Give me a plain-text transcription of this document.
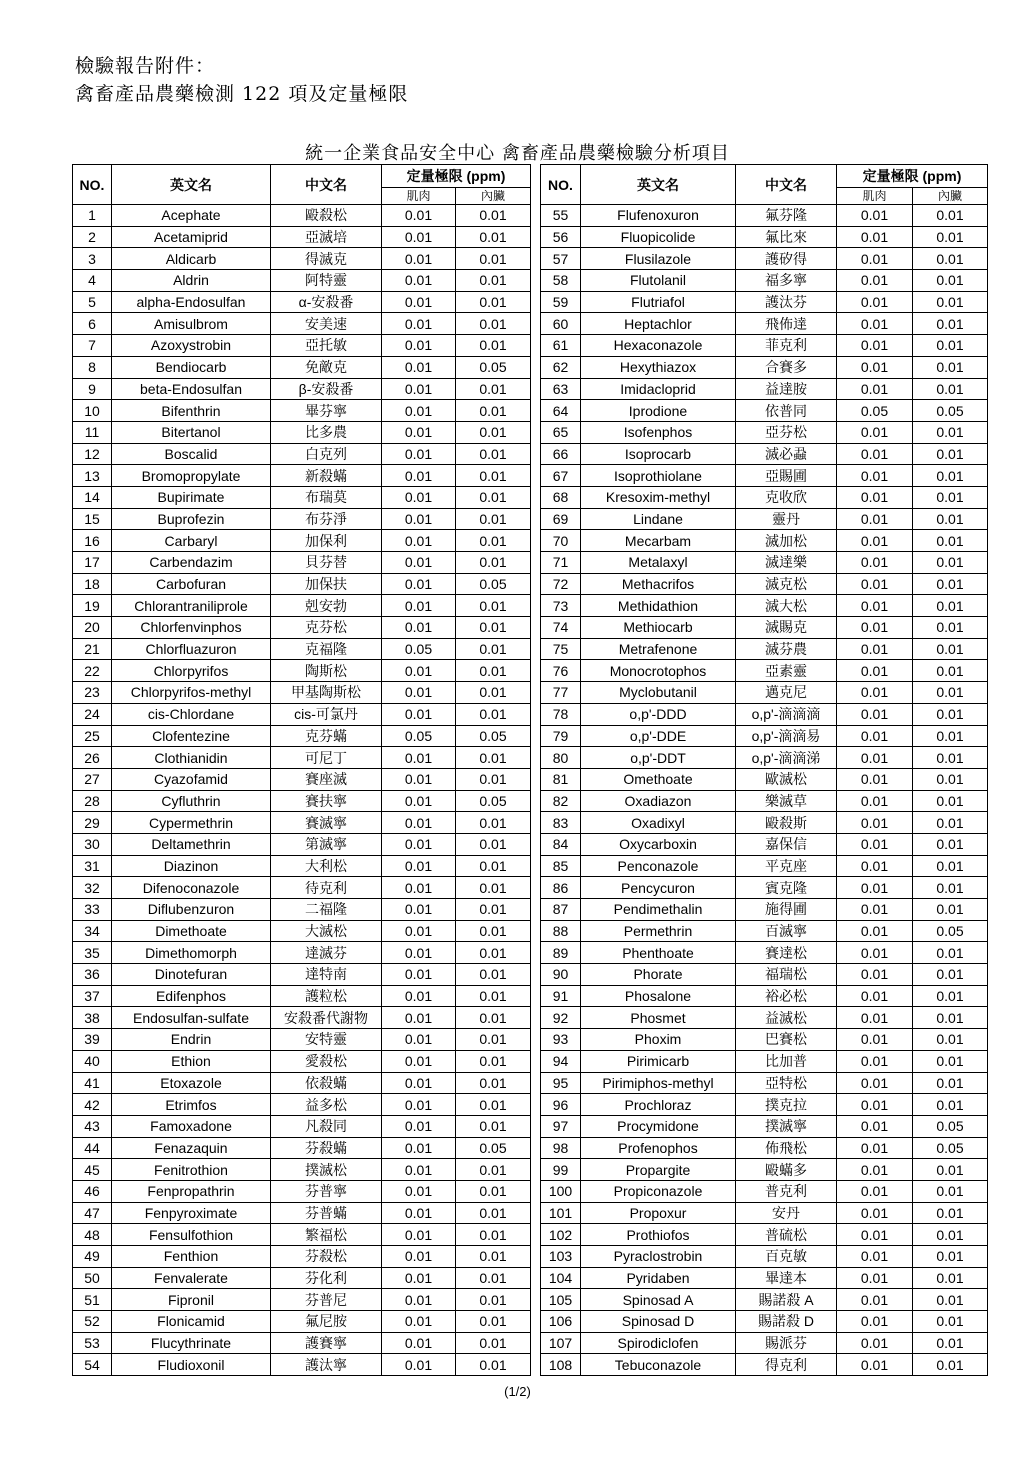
檢驗報告附件：
禽畜產品農藥檢測 122 項及定量極限
統一企業食品安全中心 禽畜產品農藥檢驗分析項目
NO.	英文名	中文名	定量極限 (ppm)	
			肌肉	內臟
1	Acephate	毆殺松	0.01	0.01
2	Acetamiprid	亞滅培	0.01	0.01
3	Aldicarb	得滅克	0.01	0.01
4	Aldrin	阿特靈	0.01	0.01
5	alpha-Endosulfan	α-安殺番	0.01	0.01
6	Amisulbrom	安美速	0.01	0.01
7	Azoxystrobin	亞托敏	0.01	0.01
8	Bendiocarb	免敵克	0.01	0.05
9	beta-Endosulfan	β-安殺番	0.01	0.01
10	Bifenthrin	畢芬寧	0.01	0.01
11	Bitertanol	比多農	0.01	0.01
12	Boscalid	白克列	0.01	0.01
13	Bromopropylate	新殺蟎	0.01	0.01
14	Bupirimate	布瑞莫	0.01	0.01
15	Buprofezin	布芬淨	0.01	0.01
16	Carbaryl	加保利	0.01	0.01
17	Carbendazim	貝芬替	0.01	0.01
18	Carbofuran	加保扶	0.01	0.05
19	Chlorantraniliprole	剋安勃	0.01	0.01
20	Chlorfenvinphos	克芬松	0.01	0.01
21	Chlorfluazuron	克福隆	0.05	0.01
22	Chlorpyrifos	陶斯松	0.01	0.01
23	Chlorpyrifos-methyl	甲基陶斯松	0.01	0.01
24	cis-Chlordane	cis-可氯丹	0.01	0.01
25	Clofentezine	克芬蟎	0.05	0.05
26	Clothianidin	可尼丁	0.01	0.01
27	Cyazofamid	賽座滅	0.01	0.01
28	Cyfluthrin	賽扶寧	0.01	0.05
29	Cypermethrin	賽滅寧	0.01	0.01
30	Deltamethrin	第滅寧	0.01	0.01
31	Diazinon	大利松	0.01	0.01
32	Difenoconazole	待克利	0.01	0.01
33	Diflubenzuron	二福隆	0.01	0.01
34	Dimethoate	大滅松	0.01	0.01
35	Dimethomorph	達滅芬	0.01	0.01
36	Dinotefuran	達特南	0.01	0.01
37	Edifenphos	護粒松	0.01	0.01
38	Endosulfan-sulfate	安殺番代謝物	0.01	0.01
39	Endrin	安特靈	0.01	0.01
40	Ethion	愛殺松	0.01	0.01
41	Etoxazole	依殺蟎	0.01	0.01
42	Etrimfos	益多松	0.01	0.01
43	Famoxadone	凡殺同	0.01	0.01
44	Fenazaquin	芬殺蟎	0.01	0.05
45	Fenitrothion	撲滅松	0.01	0.01
46	Fenpropathrin	芬普寧	0.01	0.01
47	Fenpyroximate	芬普蟎	0.01	0.01
48	Fensulfothion	繁福松	0.01	0.01
49	Fenthion	芬殺松	0.01	0.01
50	Fenvalerate	芬化利	0.01	0.01
51	Fipronil	芬普尼	0.01	0.01
52	Flonicamid	氟尼胺	0.01	0.01
53	Flucythrinate	護賽寧	0.01	0.01
54	Fludioxonil	護汰寧	0.01	0.01
NO.	英文名	中文名	定量極限 (ppm)	
			肌肉	內臟
55	Flufenoxuron	氟芬隆	0.01	0.01
56	Fluopicolide	氟比來	0.01	0.01
57	Flusilazole	護矽得	0.01	0.01
58	Flutolanil	福多寧	0.01	0.01
59	Flutriafol	護汰芬	0.01	0.01
60	Heptachlor	飛佈達	0.01	0.01
61	Hexaconazole	菲克利	0.01	0.01
62	Hexythiazox	合賽多	0.01	0.01
63	Imidacloprid	益達胺	0.01	0.01
64	Iprodione	依普同	0.05	0.05
65	Isofenphos	亞芬松	0.01	0.01
66	Isoprocarb	滅必蝨	0.01	0.01
67	Isoprothiolane	亞賜圃	0.01	0.01
68	Kresoxim-methyl	克收欣	0.01	0.01
69	Lindane	靈丹	0.01	0.01
70	Mecarbam	滅加松	0.01	0.01
71	Metalaxyl	滅達樂	0.01	0.01
72	Methacrifos	滅克松	0.01	0.01
73	Methidathion	滅大松	0.01	0.01
74	Methiocarb	滅賜克	0.01	0.01
75	Metrafenone	滅芬農	0.01	0.01
76	Monocrotophos	亞素靈	0.01	0.01
77	Myclobutanil	邁克尼	0.01	0.01
78	o,p'-DDD	o,p'-滴滴滴	0.01	0.01
79	o,p'-DDE	o,p'-滴滴易	0.01	0.01
80	o,p'-DDT	o,p'-滴滴涕	0.01	0.01
81	Omethoate	歐滅松	0.01	0.01
82	Oxadiazon	樂滅草	0.01	0.01
83	Oxadixyl	毆殺斯	0.01	0.01
84	Oxycarboxin	嘉保信	0.01	0.01
85	Penconazole	平克座	0.01	0.01
86	Pencycuron	賓克隆	0.01	0.01
87	Pendimethalin	施得圃	0.01	0.01
88	Permethrin	百滅寧	0.01	0.05
89	Phenthoate	賽達松	0.01	0.01
90	Phorate	福瑞松	0.01	0.01
91	Phosalone	裕必松	0.01	0.01
92	Phosmet	益滅松	0.01	0.01
93	Phoxim	巴賽松	0.01	0.01
94	Pirimicarb	比加普	0.01	0.01
95	Pirimiphos-methyl	亞特松	0.01	0.01
96	Prochloraz	撲克拉	0.01	0.01
97	Procymidone	撲滅寧	0.01	0.05
98	Profenophos	佈飛松	0.01	0.05
99	Propargite	毆蟎多	0.01	0.01
100	Propiconazole	普克利	0.01	0.01
101	Propoxur	安丹	0.01	0.01
102	Prothiofos	普硫松	0.01	0.01
103	Pyraclostrobin	百克敏	0.01	0.01
104	Pyridaben	畢達本	0.01	0.01
105	Spinosad A	賜諾殺 A	0.01	0.01
106	Spinosad D	賜諾殺 D	0.01	0.01
107	Spirodiclofen	賜派芬	0.01	0.01
108	Tebuconazole	得克利	0.01	0.01
(1/2)
